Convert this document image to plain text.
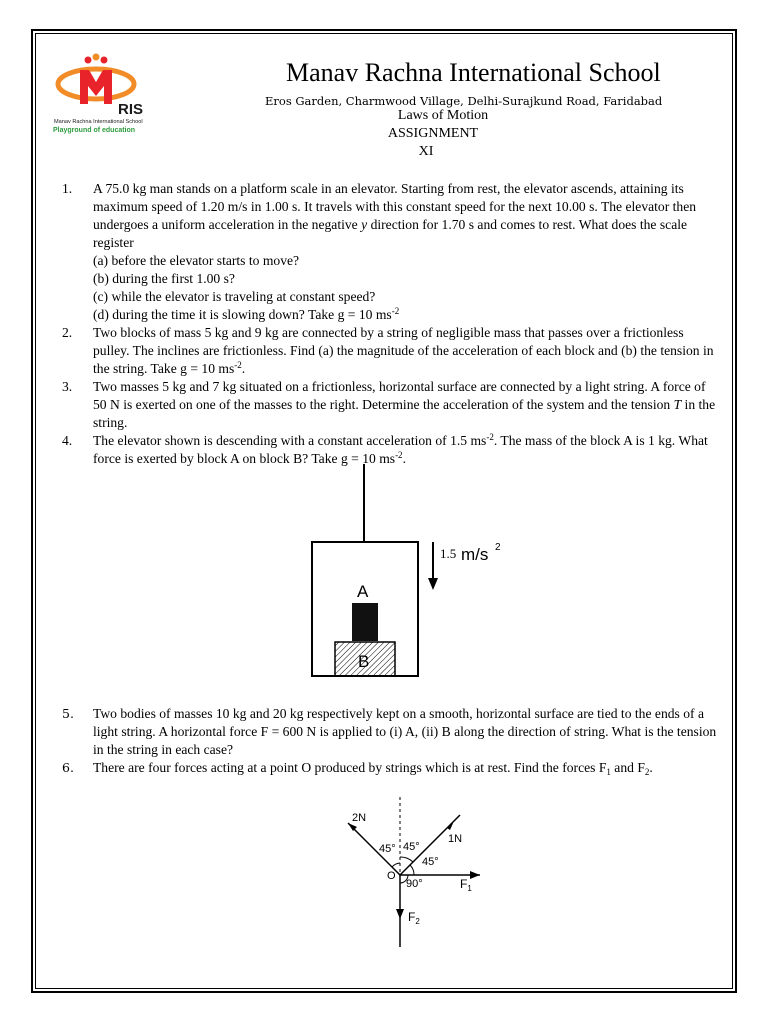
RIS
Manav Rachna International School
Playground of education
Manav Rachna International School
Eros Garden, Charmwood Village, Delhi-Surajkund Road, Faridabad
Laws of Motion
ASSIGNMENT
XI
1.	A 75.0 kg man stands on a platform scale in an elevator. Starting from rest, the elevator ascends, attaining its maximum speed of 1.20 m/s in 1.00 s. It travels with this constant speed for the next 10.00 s. The elevator then undergoes a uniform acceleration in the negative y direction for 1.70 s and comes to rest. What does the scale register
(a) before the elevator starts to move?
(b) during the first 1.00 s?
(c) while the elevator is traveling at constant speed?
(d) during the time it is slowing down? Take g = 10 $ms^{-2}$
2.	Two blocks of mass 5 kg and 9 kg are connected by a string of negligible mass that passes over a frictionless pulley. The inclines are frictionless. Find (a) the magnitude of the acceleration of each block and (b) the tension in the string. Take g = 10 $ms^{-2}$.
3.	Two masses 5 kg and 7 kg situated on a frictionless, horizontal surface are connected by a light string. A force of 50 N is exerted on one of the masses to the right. Determine the acceleration of the system and the tension T in the string.
4.	The elevator shown is descending with a constant acceleration of 1.5 $ms^{-2}$. The mass of the block A is 1 kg. What force is exerted by block A on block B? Take g = 10 $ms^{-2}$.
A
B
1.5 m/s 2
5.	Two bodies of masses 10 kg and 20 kg respectively kept on a smooth, horizontal surface are tied to the ends of a light string. A horizontal force F = 600 N is applied to (i) A, (ii) B along the direction of string. What is the tension in the string in each case?
6.	There are four forces acting at a point O produced by strings which is at rest. Find the forces $F_1$ and $F_2$.
2N
1N
45° 45°
45°
O
90°	$F_1$
$F_2$
